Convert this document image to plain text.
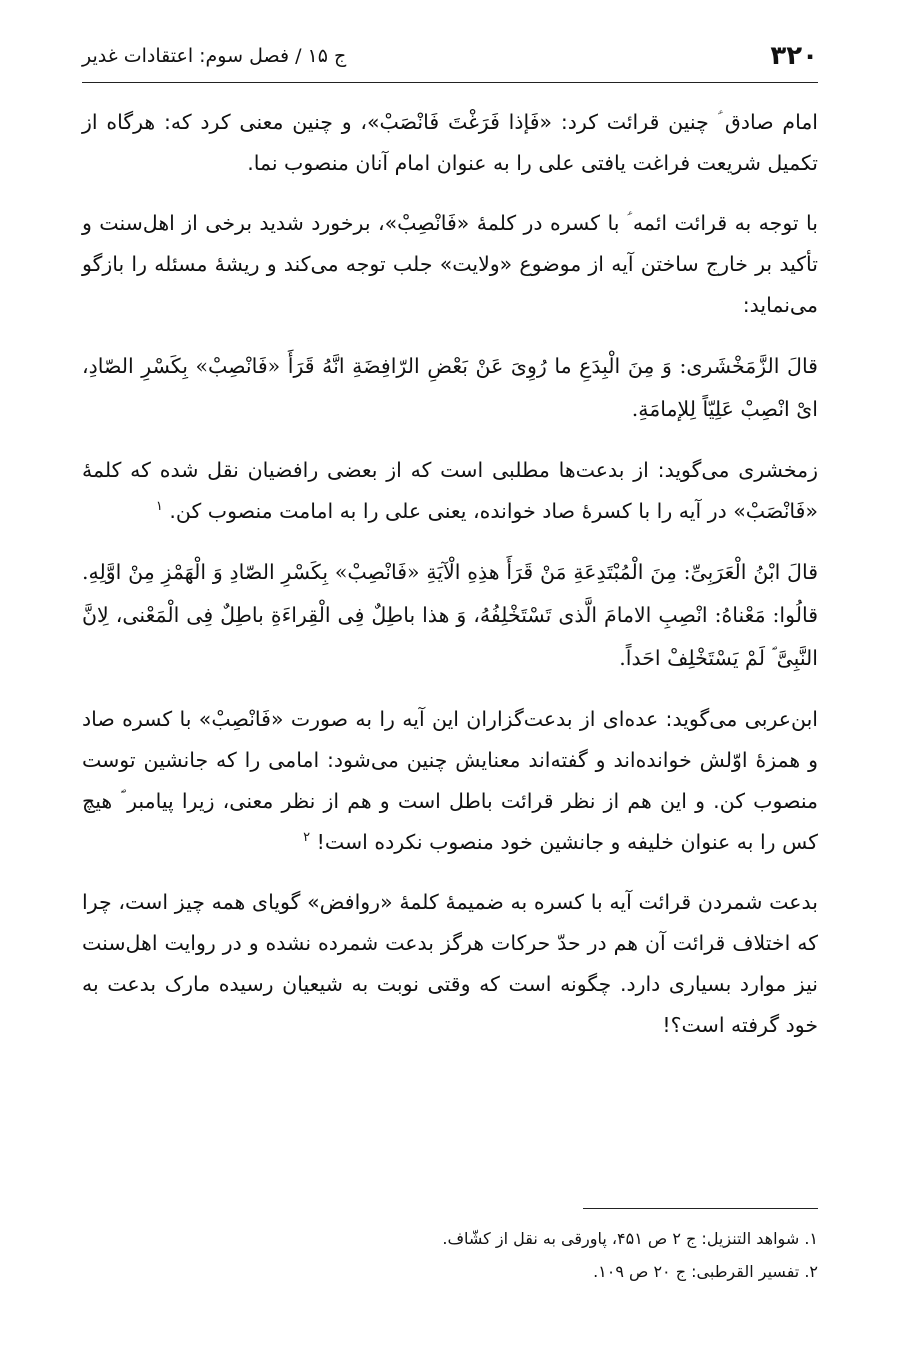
۳۲۰
ج ۱۵ / فصل سوم: اعتقادات غدیر

امام صادق ؑ چنین قرائت کرد: «فَإذا فَرَغْتَ فَانْصَبْ»، و چنین معنی کرد که: هرگاه از تکمیل شریعت فراغت یافتی علی را به عنوان امام آنان منصوب نما.

با توجه به قرائت ائمه ؑ با کسره در کلمۀ «فَانْصِبْ»، برخورد شدید برخی از اهل‌سنت و تأکید بر خارج ساختن آیه از موضوع «ولایت» جلب توجه می‌کند و ریشۀ مسئله را بازگو می‌نماید:

قالَ الزَّمَخْشَری: وَ مِنَ الْبِدَعِ ما رُوِیَ عَنْ بَعْضِ الرّافِضَةِ انَّهُ قَرَأَ «فَانْصِبْ» بِکَسْرِ الصّادِ، ایْ انْصِبْ عَلِیّاً لِلإمامَةِ.

زمخشری می‌گوید: از بدعت‌ها مطلبی است که از بعضی رافضیان نقل شده که کلمۀ «فَانْصَبْ» در آیه را با کسرۀ صاد خوانده، یعنی علی را به امامت منصوب کن. $^۱$

قالَ ابْنُ الْعَرَبِیِّ: مِنَ الْمُبْتَدِعَةِ مَنْ قَرَأَ هذِهِ الْآیَةِ «فَانْصِبْ» بِکَسْرِ الصّادِ وَ الْهَمْزِ مِنْ اوَّلِهِ. قالُوا: مَعْناهُ: انْصِبِ الامامَ الَّذی تَسْتَخْلِفُهُ، وَ هذا باطِلٌ فِی الْقِراءَةِ باطِلٌ فِی الْمَعْنی، لِانَّ النَّبِیَّ ؐ لَمْ یَسْتَخْلِفْ احَداً.

ابن‌عربی می‌گوید: عده‌ای از بدعت‌گزاران این آیه را به صورت «فَانْصِبْ» با کسره صاد و همزۀ اوّلش خوانده‌اند و گفته‌اند معنایش چنین می‌شود: امامی را که جانشین توست منصوب کن. و این هم از نظر قرائت باطل است و هم از نظر معنی، زیرا پیامبر ؐ هیچ کس را به عنوان خلیفه و جانشین خود منصوب نکرده است! $^۲$

بدعت شمردن قرائت آیه با کسره به ضمیمۀ کلمۀ «روافض» گویای همه چیز است، چرا که اختلاف قرائت آن هم در حدّ حرکات هرگز بدعت شمرده نشده و در روایت اهل‌سنت نیز موارد بسیاری دارد. چگونه است که وقتی نوبت به شیعیان رسیده مارک بدعت به خود گرفته است؟!

۱. شواهد التنزیل: ج ۲ ص ۴۵۱، پاورقی به نقل از کشّاف.

۲. تفسیر القرطبی: ج ۲۰ ص ۱۰۹.
